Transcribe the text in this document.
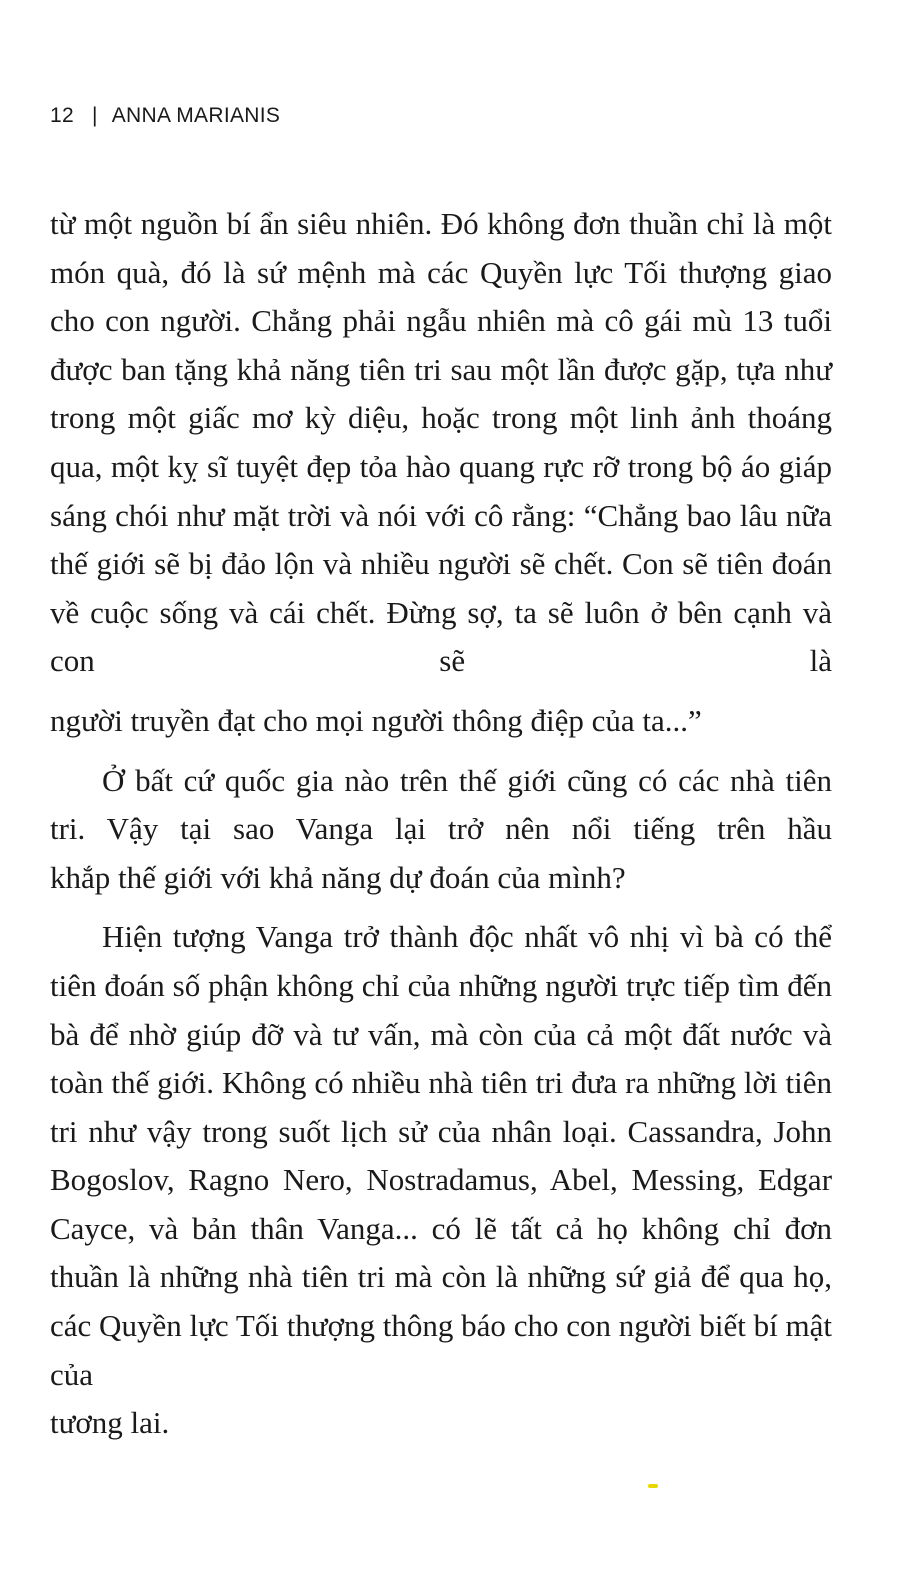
12 | ANNA MARIANIS

từ một nguồn bí ẩn siêu nhiên. Đó không đơn thuần chỉ là một món quà, đó là sứ mệnh mà các Quyền lực Tối thượng giao cho con người. Chẳng phải ngẫu nhiên mà cô gái mù 13 tuổi được ban tặng khả năng tiên tri sau một lần được gặp, tựa như trong một giấc mơ kỳ diệu, hoặc trong một linh ảnh thoáng qua, một kỵ sĩ tuyệt đẹp tỏa hào quang rực rỡ trong bộ áo giáp sáng chói như mặt trời và nói với cô rằng: “Chẳng bao lâu nữa thế giới sẽ bị đảo lộn và nhiều người sẽ chết. Con sẽ tiên đoán về cuộc sống và cái chết. Đừng sợ, ta sẽ luôn ở bên cạnh và con sẽ là

người truyền đạt cho mọi người thông điệp của ta...”

Ở bất cứ quốc gia nào trên thế giới cũng có các nhà tiên tri. Vậy tại sao Vanga lại trở nên nổi tiếng trên hầu

khắp thế giới với khả năng dự đoán của mình?

Hiện tượng Vanga trở thành độc nhất vô nhị vì bà có thể tiên đoán số phận không chỉ của những người trực tiếp tìm đến bà để nhờ giúp đỡ và tư vấn, mà còn của cả một đất nước và toàn thế giới. Không có nhiều nhà tiên tri đưa ra những lời tiên tri như vậy trong suốt lịch sử của nhân loại. Cassandra, John Bogoslov, Ragno Nero, Nostradamus, Abel, Messing, Edgar Cayce, và bản thân Vanga... có lẽ tất cả họ không chỉ đơn thuần là những nhà tiên tri mà còn là những sứ giả để qua họ, các Quyền lực Tối thượng thông báo cho con người biết bí mật của

tương lai.
